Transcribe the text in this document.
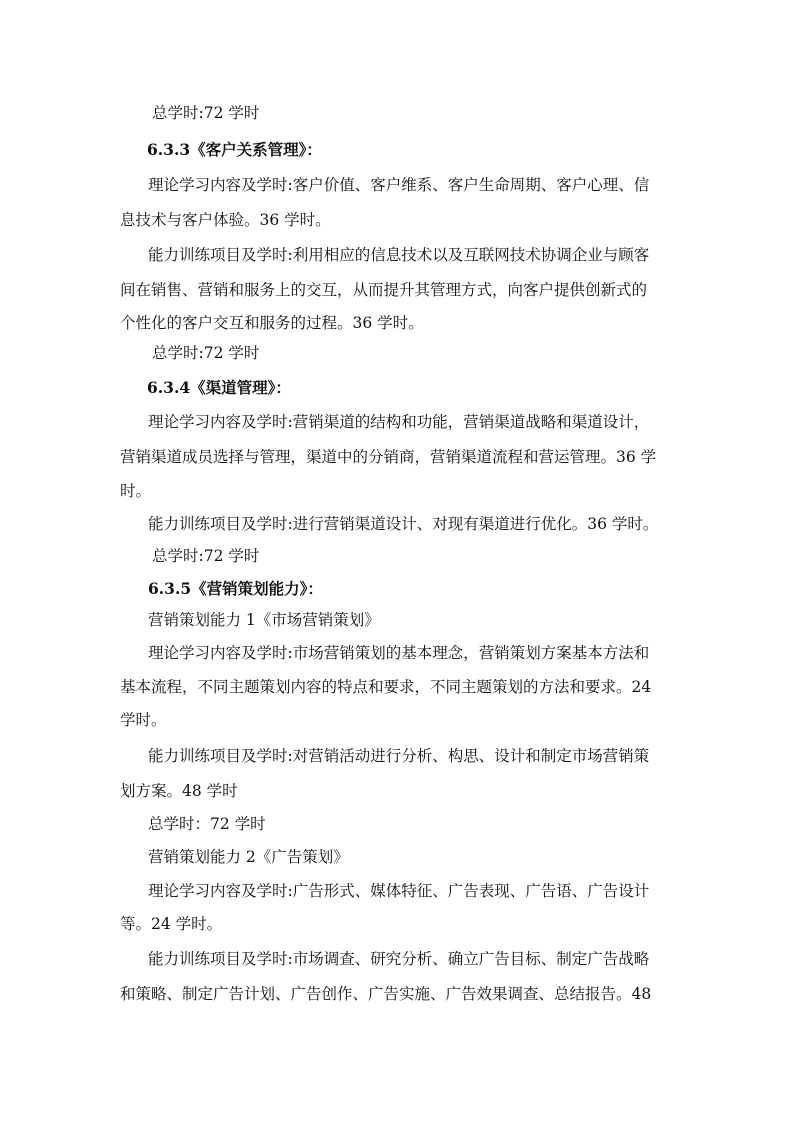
总学时:72 学时
6.3.3《客户关系管理》：
理论学习内容及学时:客户价值、客户维系、客户生命周期、客户心理、信
息技术与客户体验。36 学时。
能力训练项目及学时:利用相应的信息技术以及互联网技术协调企业与顾客
间在销售、营销和服务上的交互，从而提升其管理方式，向客户提供创新式的
个性化的客户交互和服务的过程。36 学时。
总学时:72 学时
6.3.4《渠道管理》：
理论学习内容及学时:营销渠道的结构和功能，营销渠道战略和渠道设计，
营销渠道成员选择与管理，渠道中的分销商，营销渠道流程和营运管理。36 学
时。
能力训练项目及学时:进行营销渠道设计、对现有渠道进行优化。36 学时。
总学时:72 学时
6.3.5《营销策划能力》：
营销策划能力 1《市场营销策划》
理论学习内容及学时:市场营销策划的基本理念，营销策划方案基本方法和
基本流程，不同主题策划内容的特点和要求，不同主题策划的方法和要求。24
学时。
能力训练项目及学时:对营销活动进行分析、构思、设计和制定市场营销策
划方案。48 学时
总学时：72 学时
营销策划能力 2《广告策划》
理论学习内容及学时:广告形式、媒体特征、广告表现、广告语、广告设计
等。24 学时。
能力训练项目及学时:市场调查、研究分析、确立广告目标、制定广告战略
和策略、制定广告计划、广告创作、广告实施、广告效果调查、总结报告。48
